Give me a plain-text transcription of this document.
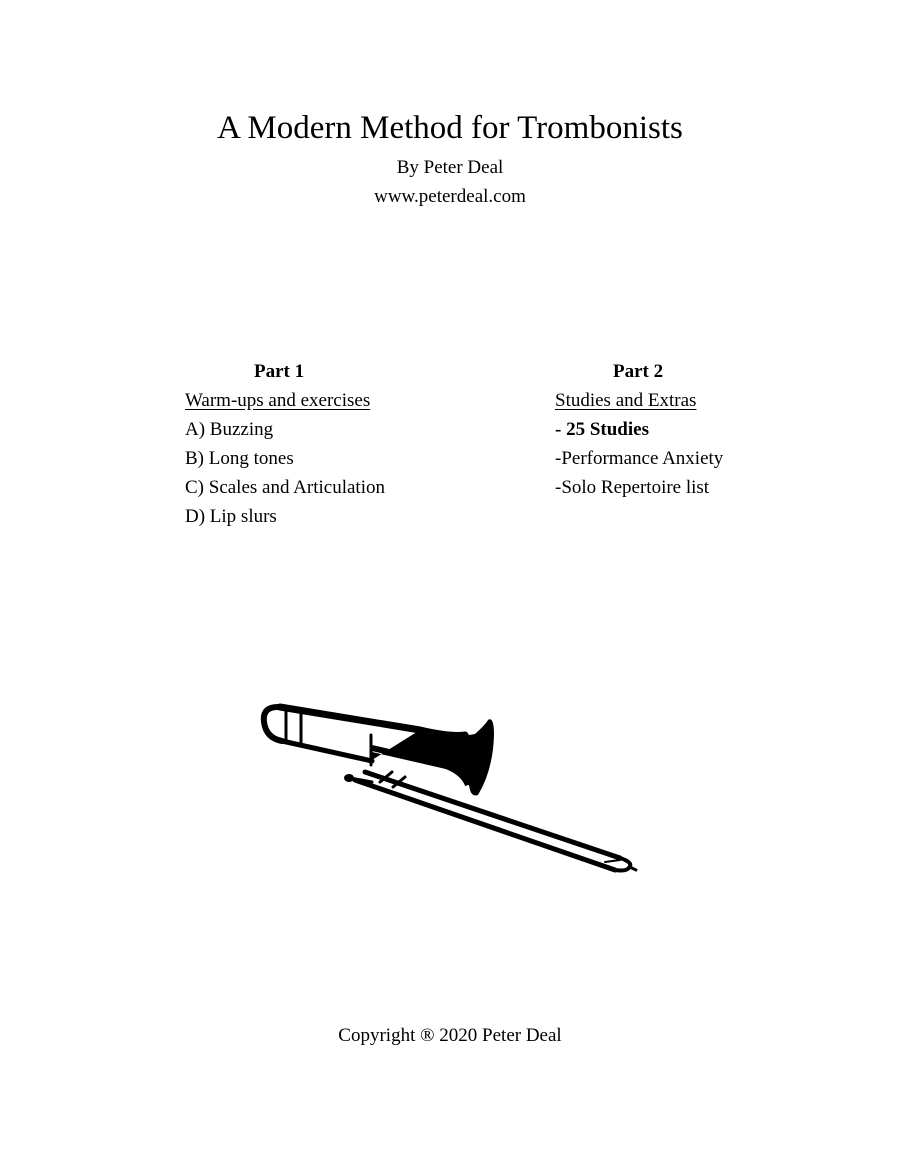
A Modern Method for Trombonists
By Peter Deal
www.peterdeal.com
Part 1
Warm-ups and exercises
A) Buzzing
B) Long tones
C) Scales and Articulation
D) Lip slurs
Part 2
Studies and Extras
- 25 Studies
-Performance Anxiety
-Solo Repertoire list
Copyright ® 2020 Peter Deal
